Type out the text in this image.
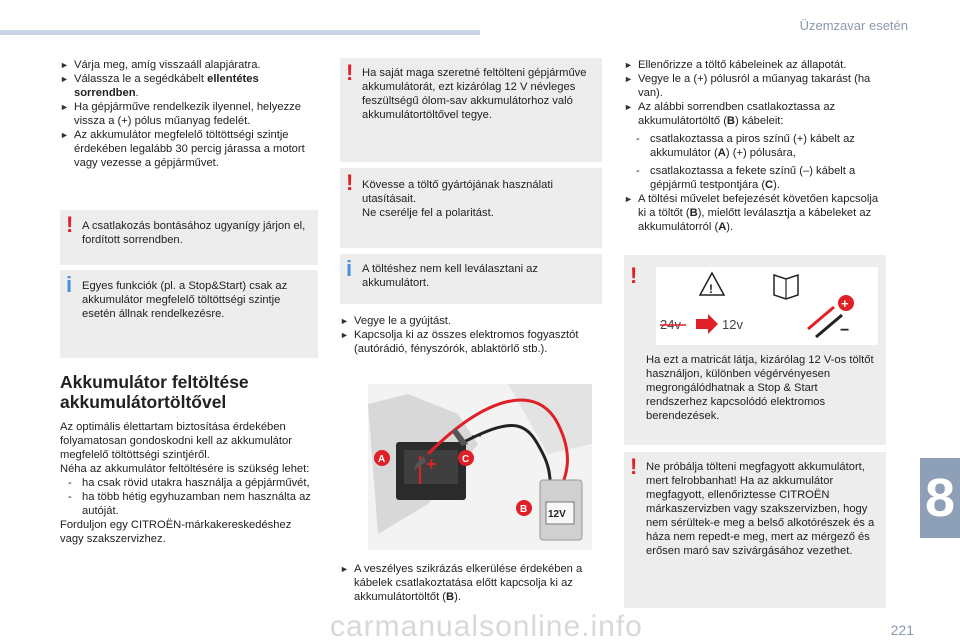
Üzemzavar esetén

► Várja meg, amíg visszaáll alapjáratra.

► Válassza le a segédkábelt ellentétes sorrendben.

► Ha gépjárműve rendelkezik ilyennel, helyezze vissza a (+) pólus műanyag fedelét.

► Az akkumulátor megfelelő töltöttségi szintje érdekében legalább 30 percig járassa a motort vagy vezesse a gépjárművet.

! A csatlakozás bontásához ugyanígy járjon el, fordított sorrendben.
i Egyes funkciók (pl. a Stop&Start) csak az akkumulátor megfelelő töltöttségi szintje esetén állnak rendelkezésre.
Akkumulátor feltöltése
akkumulátortöltővel
Az optimális élettartam biztosítása érdekében folyamatosan gondoskodni kell az akkumulátor megfelelő töltöttségi szintjéről.
Néha az akkumulátor feltöltésére is szükség lehet:
- ha csak rövid utakra használja a gépjárművét,
- ha több hétig egyhuzamban nem használta az autóját.
Forduljon egy CITROËN-márkakereskedéshez vagy szakszervizhez.
! Ha saját maga szeretné feltölteni gépjárműve akkumulátorát, ezt kizárólag 12 V névleges feszültségű ólom-sav akkumulátorhoz való akkumulátortöltővel tegye.
! Kövesse a töltő gyártójának használati utasításait.
Ne cserélje fel a polaritást.
i A töltéshez nem kell leválasztani az akkumulátort.

► Vegye le a gyújtást.

► Kapcsolja ki az összes elektromos fogyasztót (autórádió, fényszórók, ablaktörlő stb.).

+
–
12V
A	C
B

► A veszélyes szikrázás elkerülése érdekében a kábelek csatlakoztatása előtt kapcsolja ki az akkumulátortöltőt (B).

► Ellenőrizze a töltő kábeleinek az állapotát.

► Vegye le a (+) pólusról a műanyag takarást (ha van).

► Az alábbi sorrendben csatlakoztassa az akkumulátortöltő (B) kábeleit:

- csatlakoztassa a piros színű (+) kábelt az akkumulátor (A) (+) pólusára,
- csatlakoztassa a fekete színű (–) kábelt a gépjármű testpontjára (C).

► A töltési művelet befejezését követően kapcsolja ki a töltőt (B), mielőtt leválasztja a kábeleket az akkumulátorról (A).

!
!
24v	12v
+
−
Ha ezt a matricát látja, kizárólag 12 V-os töltőt használjon, különben végérvényesen megrongálódhatnak a Stop & Start rendszerhez kapcsolódó elektromos berendezések.
! Ne próbálja tölteni megfagyott akkumulátort, mert felrobbanhat! Ha az akkumulátor megfagyott, ellenőriztesse CITROËN márkaszervizben vagy szakszervizben, hogy nem sérültek-e meg a belső alkotórészek és a háza nem repedt-e meg, mert az mérgező és erősen maró sav szivárgásához vezethet.
8
carmanualsonline.info	221
